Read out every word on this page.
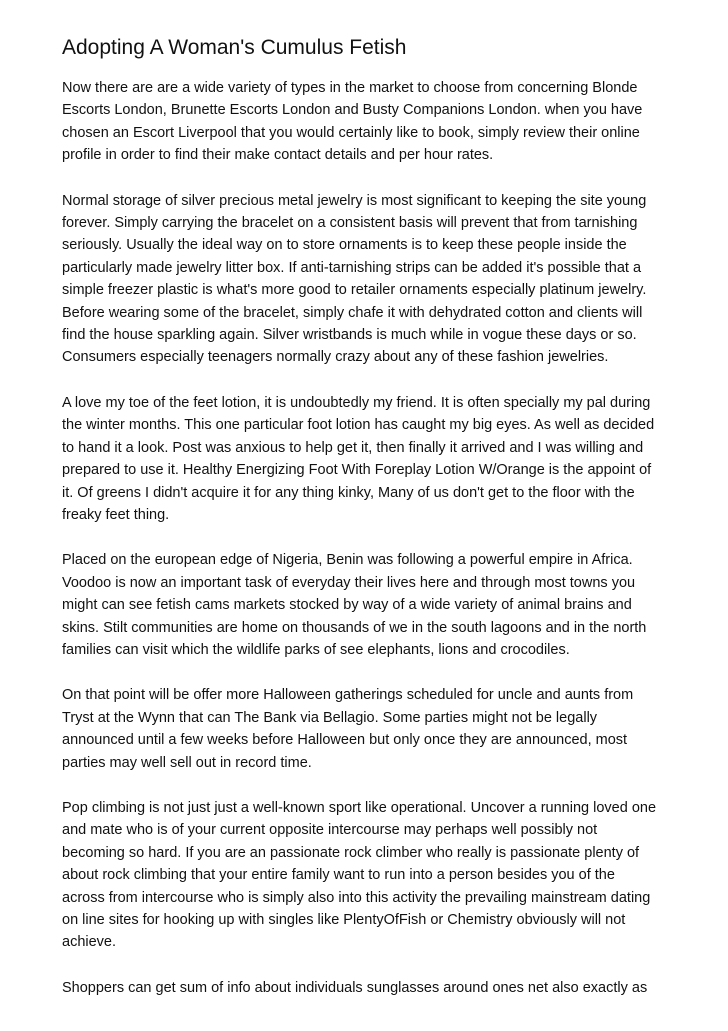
Adopting A Woman's Cumulus Fetish

Now there are are a wide variety of types in the market to choose from concerning Blonde
Escorts London, Brunette Escorts London and Busty Companions London. when you have
chosen an Escort Liverpool that you would certainly like to book, simply review their online
profile in order to find their make contact details and per hour rates.

Normal storage of silver precious metal jewelry is most significant to keeping the site young
forever. Simply carrying the bracelet on a consistent basis will prevent that from tarnishing
seriously. Usually the ideal way on to store ornaments is to keep these people inside the
particularly made jewelry litter box. If anti-tarnishing strips can be added it's possible that a
simple freezer plastic is what's more good to retailer ornaments especially platinum jewelry.
Before wearing some of the bracelet, simply chafe it with dehydrated cotton and clients will
find the house sparkling again. Silver wristbands is much while in vogue these days or so.
Consumers especially teenagers normally crazy about any of these fashion jewelries.

A love my toe of the feet lotion, it is undoubtedly my friend. It is often specially my pal during
the winter months. This one particular foot lotion has caught my big eyes. As well as decided
to hand it a look. Post was anxious to help get it, then finally it arrived and I was willing and
prepared to use it. Healthy Energizing Foot With Foreplay Lotion W/Orange is the appoint of
it. Of greens I didn't acquire it for any thing kinky, Many of us don't get to the floor with the
freaky feet thing.

Placed on the european edge of Nigeria, Benin was following a powerful empire in Africa.
Voodoo is now an important task of everyday their lives here and through most towns you
might can see fetish cams markets stocked by way of a wide variety of animal brains and
skins. Stilt communities are home on thousands of we in the south lagoons and in the north
families can visit which the wildlife parks of see elephants, lions and crocodiles.

On that point will be offer more Halloween gatherings scheduled for uncle and aunts from
Tryst at the Wynn that can The Bank via Bellagio. Some parties might not be legally
announced until a few weeks before Halloween but only once they are announced, most
parties may well sell out in record time.

Pop climbing is not just just a well-known sport like operational. Uncover a running loved one
and mate who is of your current opposite intercourse may perhaps well possibly not
becoming so hard. If you are an passionate rock climber who really is passionate plenty of
about rock climbing that your entire family want to run into a person besides you of the
across from intercourse who is simply also into this activity the prevailing mainstream dating
on line sites for hooking up with singles like PlentyOfFish or Chemistry obviously will not
achieve.

Shoppers can get sum of info about individuals sunglasses around ones net also exactly as
